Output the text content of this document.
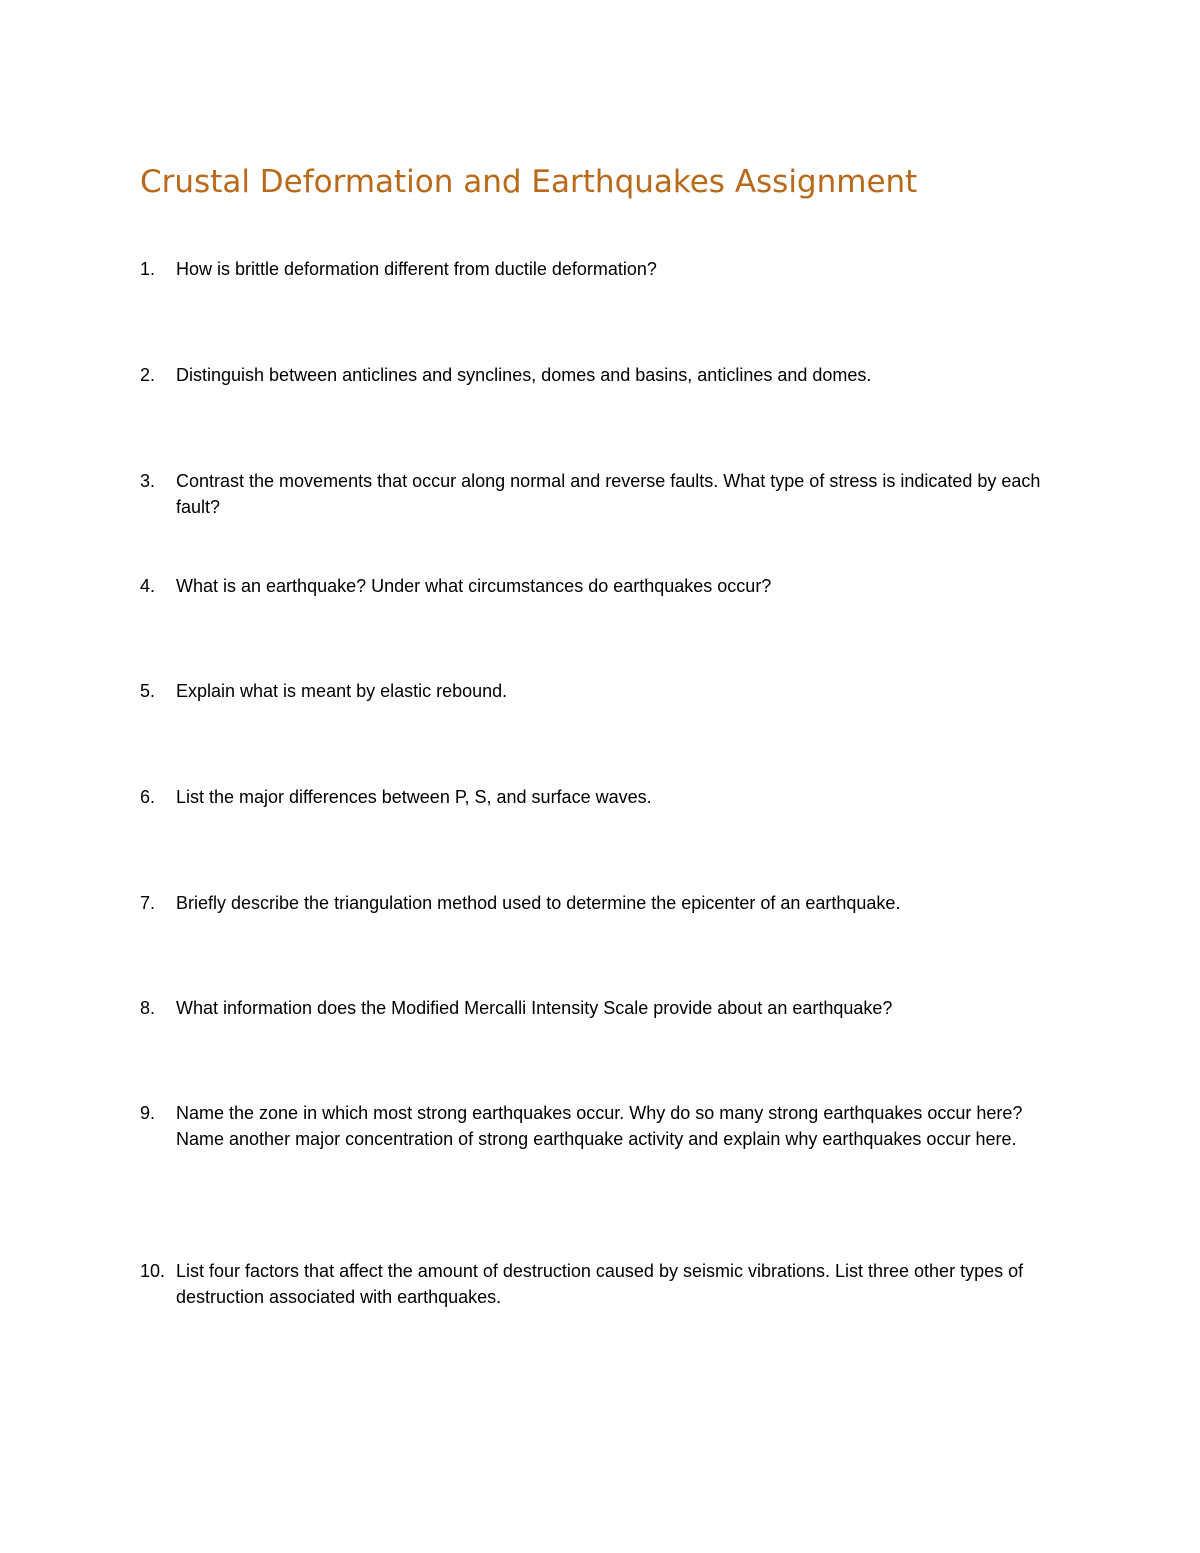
Crustal Deformation and Earthquakes Assignment
1.	How is brittle deformation different from ductile deformation?
2.	Distinguish between anticlines and synclines, domes and basins, anticlines and domes.
3.	Contrast the movements that occur along normal and reverse faults. What type of stress is indicated by each fault?
4.	What is an earthquake? Under what circumstances do earthquakes occur?
5.	Explain what is meant by elastic rebound.
6.	List the major differences between P, S, and surface waves.
7.	Briefly describe the triangulation method used to determine the epicenter of an earthquake.
8.	What information does the Modified Mercalli Intensity Scale provide about an earthquake?
9.	Name the zone in which most strong earthquakes occur. Why do so many strong earthquakes occur here? Name another major concentration of strong earthquake activity and explain why earthquakes occur here.
10. List four factors that affect the amount of destruction caused by seismic vibrations. List three other types of destruction associated with earthquakes.
